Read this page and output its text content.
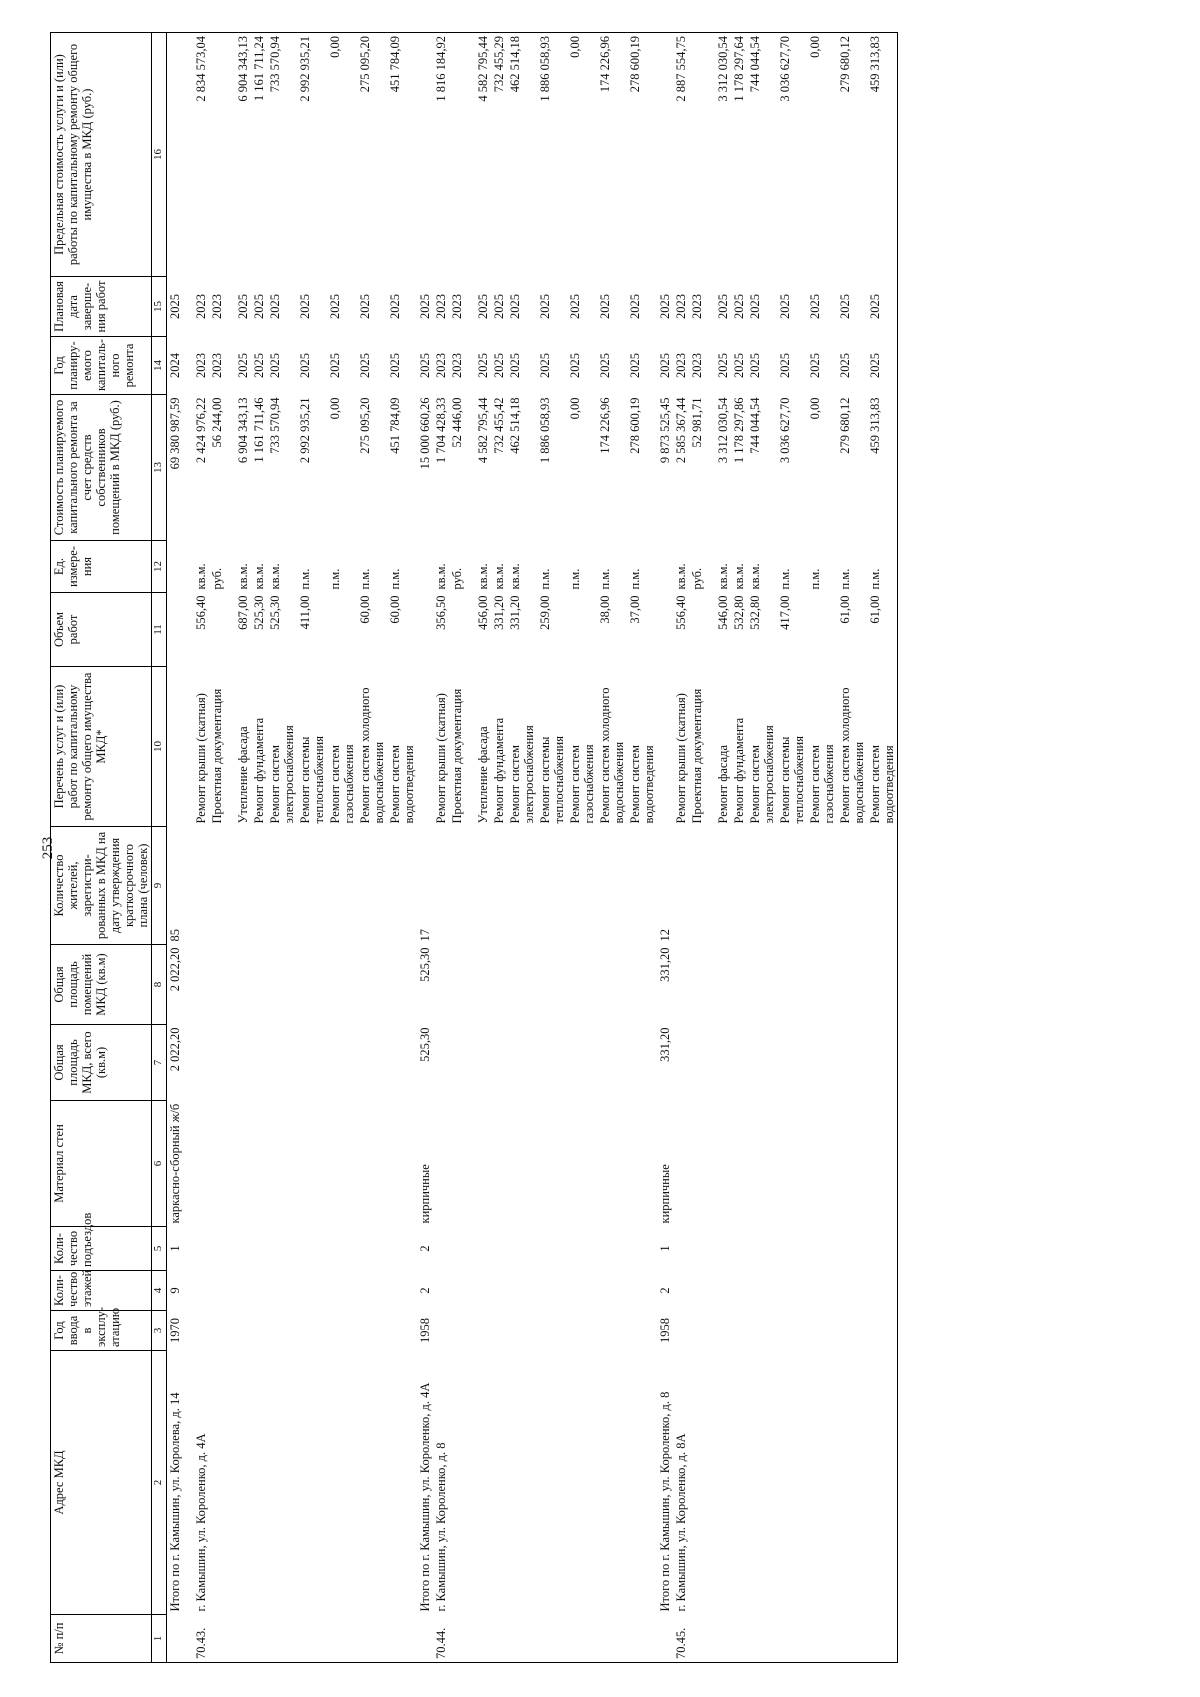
253
№ п/п	Адрес МКД	Год ввода в эксплу-атацию	Коли-чество этажей	Коли-чество подъездов	Материал стен	Общая площадь МКД, всего (кв.м)	Общая площадь помещений МКД (кв.м)	Количество жителей, зарегистри-рованных в МКД на дату утверждения краткосрочного плана (человек)	Перечень услуг и (или) работ по капитальному ремонту общего имущества МКД*	Объем работ	Ед. измере-ния	Стоимость планируемого капитального ремонта за счет средств собственников помещений в МКД (руб.)	Год планиру-емого капиталь-ного ремонта	Плановая дата заверше-ния работ	Предельная стоимость услуги и (или) работы по капитальному ремонту общего имущества в МКД (руб.)
1	2	3	4	5	6	7	8	9	10	11	12	13	14	15	16
	Итого по г. Камышин, ул. Королева, д. 14	1970	9	1	каркасно-сборный ж/б	2 022,20	2 022,20	85				69 380 987,59	2024	2025	

70.43.	г. Камышин, ул. Короленко, д. 4А								Ремонт крыши (скатная)	556,40	кв.м.	2 424 976,22	2023	2023	2 834 573,04
									Проектная документация		руб.	56 244,00	2023	2023	

									Утепление фасада	687,00	кв.м.	6 904 343,13	2025	2025	6 904 343,13
									Ремонт фундамента	525,30	кв.м.	1 161 711,46	2025	2025	1 161 711,24
									Ремонт систем электроснабжения	525,30	кв.м.	733 570,94	2025	2025	733 570,94
									Ремонт системы теплоснабжения	411,00	п.м.	2 992 935,21	2025	2025	2 992 935,21
									Ремонт систем газоснабжения		п.м.	0,00	2025	2025	0,00
									Ремонт систем холодного водоснабжения	60,00	п.м.	275 095,20	2025	2025	275 095,20
									Ремонт систем водоотведения	60,00	п.м.	451 784,09	2025	2025	451 784,09
	Итого по г. Камышин, ул. Короленко, д. 4А	1958	2	2	кирпичные	525,30	525,30	17				15 000 660,26	2025	2025	
70.44.	г. Камышин, ул. Короленко, д. 8								Ремонт крыши (скатная)	356,50	кв.м.	1 704 428,33	2023	2023	1 816 184,92
									Проектная документация		руб.	52 446,00	2023	2023	

									Утепление фасада	456,00	кв.м.	4 582 795,44	2025	2025	4 582 795,44
									Ремонт фундамента	331,20	кв.м.	732 455,42	2025	2025	732 455,29
									Ремонт систем электроснабжения	331,20	кв.м.	462 514,18	2025	2025	462 514,18
									Ремонт системы теплоснабжения	259,00	п.м.	1 886 058,93	2025	2025	1 886 058,93
									Ремонт систем газоснабжения		п.м.	0,00	2025	2025	0,00
									Ремонт систем холодного водоснабжения	38,00	п.м.	174 226,96	2025	2025	174 226,96
									Ремонт систем водоотведения	37,00	п.м.	278 600,19	2025	2025	278 600,19
	Итого по г. Камышин, ул. Короленко, д. 8	1958	2	1	кирпичные	331,20	331,20	12				9 873 525,45	2025	2025	
70.45.	г. Камышин, ул. Короленко, д. 8А								Ремонт крыши (скатная)	556,40	кв.м.	2 585 367,44	2023	2023	2 887 554,75
									Проектная документация		руб.	52 981,71	2023	2023	

									Ремонт фасада	546,00	кв.м.	3 312 030,54	2025	2025	3 312 030,54
									Ремонт фундамента	532,80	кв.м.	1 178 297,86	2025	2025	1 178 297,64
									Ремонт систем электроснабжения	532,80	кв.м.	744 044,54	2025	2025	744 044,54
									Ремонт системы теплоснабжения	417,00	п.м.	3 036 627,70	2025	2025	3 036 627,70
									Ремонт систем газоснабжения		п.м.	0,00	2025	2025	0,00
									Ремонт систем холодного водоснабжения	61,00	п.м.	279 680,12	2025	2025	279 680,12
									Ремонт систем водоотведения	61,00	п.м.	459 313,83	2025	2025	459 313,83
